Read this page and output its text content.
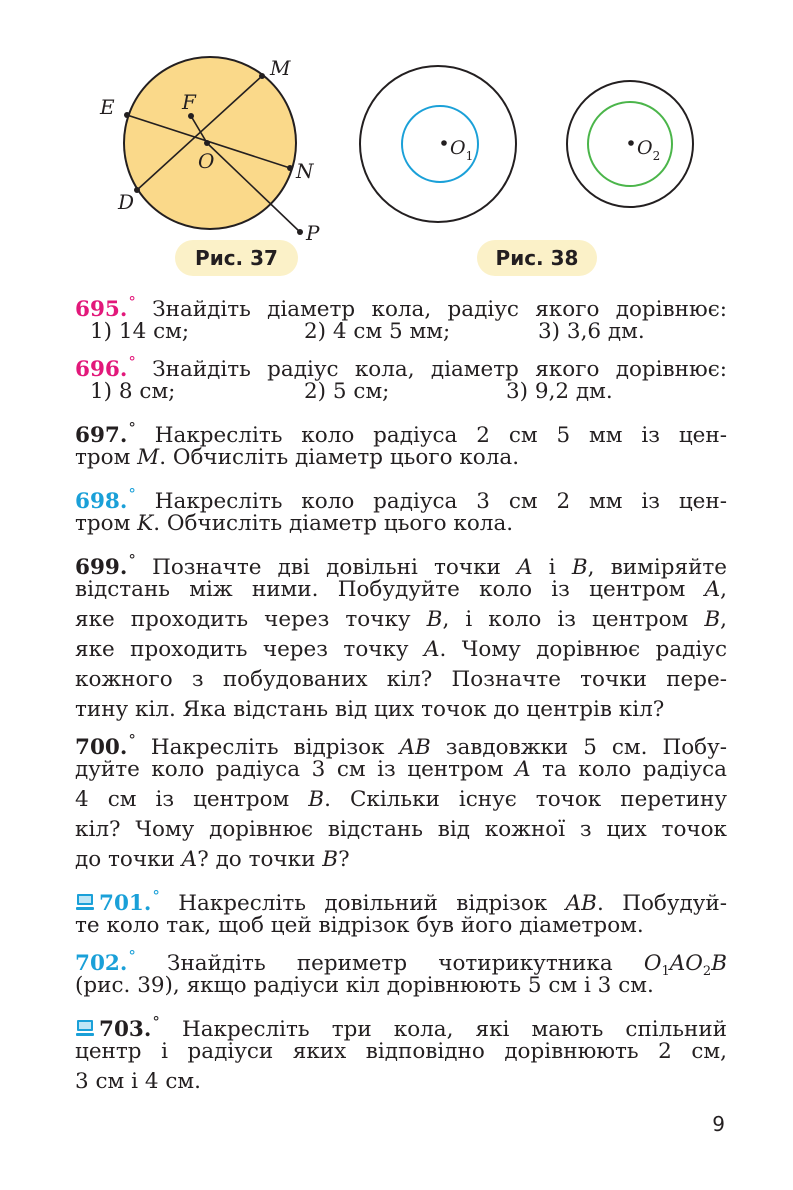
M
E	F
O	N
D
P
$O_1$	$O_2$
Рис. 37	Рис. 38
695.° Знайдіть діаметр кола, радіус якого дорівнює:
1) 14 см;	2) 4 см 5 мм;	3) 3,6 дм.
696.° Знайдіть радіус кола, діаметр якого дорівнює:
1) 8 см;	2) 5 см;	3) 9,2 дм.
697.° Накресліть коло радіуса 2 см 5 мм із цен-
тром M. Обчисліть діаметр цього кола.
698.° Накресліть коло радіуса 3 см 2 мм із цен-
тром K. Обчисліть діаметр цього кола.
699.° Позначте дві довільні точки A і B, виміряйте
відстань між ними. Побудуйте коло із центром A,
яке проходить через точку B, і коло із центром B,
яке проходить через точку A. Чому дорівнює радіус
кожного з побудованих кіл? Позначте точки пере-
тину кіл. Яка відстань від цих точок до центрів кіл?
700.° Накресліть відрізок AB завдовжки 5 см. Побу-
дуйте коло радіуса 3 см із центром A та коло радіуса
4 см із центром B. Скільки існує точок перетину
кіл? Чому дорівнює відстань від кожної з цих точок
до точки A? до точки B?
701.° Накресліть довільний відрізок AB. Побудуй-
те коло так, щоб цей відрізок був його діаметром.
702.° Знайдіть периметр чотирикутника $O_1AO_2B$
(рис. 39), якщо радіуси кіл дорівнюють 5 см і 3 см.
703.° Накресліть три кола, які мають спільний
центр і радіуси яких відповідно дорівнюють 2 см,
3 см і 4 см.
9
